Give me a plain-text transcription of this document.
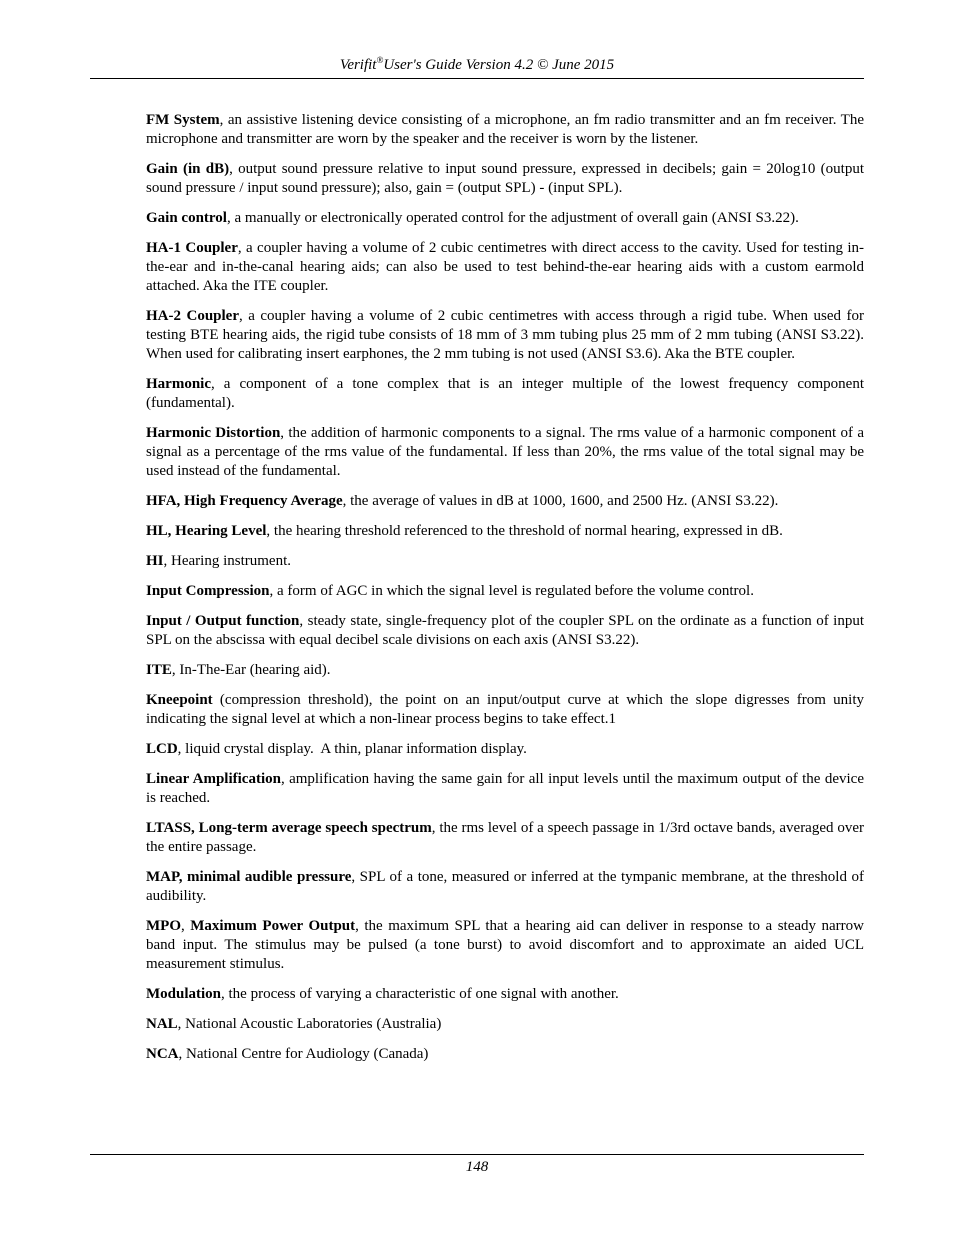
Verifit®User's Guide Version 4.2 © June 2015

FM System, an assistive listening device consisting of a microphone, an fm radio transmitter and an fm receiver. The microphone and transmitter are worn by the speaker and the receiver is worn by the listener.

Gain (in dB), output sound pressure relative to input sound pressure, expressed in decibels; gain = 20log10 (output sound pressure / input sound pressure); also, gain = (output SPL) - (input SPL).

Gain control, a manually or electronically operated control for the adjustment of overall gain (ANSI S3.22).

HA-1 Coupler, a coupler having a volume of 2 cubic centimetres with direct access to the cavity. Used for testing in-the-ear and in-the-canal hearing aids; can also be used to test behind-the-ear hearing aids with a custom earmold attached. Aka the ITE coupler.

HA-2 Coupler, a coupler having a volume of 2 cubic centimetres with access through a rigid tube. When used for testing BTE hearing aids, the rigid tube consists of 18 mm of 3 mm tubing plus 25 mm of 2 mm tubing (ANSI S3.22). When used for calibrating insert earphones, the 2 mm tubing is not used (ANSI S3.6). Aka the BTE coupler.

Harmonic, a component of a tone complex that is an integer multiple of the lowest frequency component (fundamental).

Harmonic Distortion, the addition of harmonic components to a signal. The rms value of a harmonic component of a signal as a percentage of the rms value of the fundamental. If less than 20%, the rms value of the total signal may be used instead of the fundamental.

HFA, High Frequency Average, the average of values in dB at 1000, 1600, and 2500 Hz. (ANSI S3.22).

HL, Hearing Level, the hearing threshold referenced to the threshold of normal hearing, expressed in dB.

HI, Hearing instrument.

Input Compression, a form of AGC in which the signal level is regulated before the volume control.

Input / Output function, steady state, single-frequency plot of the coupler SPL on the ordinate as a function of input SPL on the abscissa with equal decibel scale divisions on each axis (ANSI S3.22).

ITE, In-The-Ear (hearing aid).

Kneepoint (compression threshold), the point on an input/output curve at which the slope digresses from unity indicating the signal level at which a non-linear process begins to take effect.1

LCD, liquid crystal display.  A thin, planar information display.

Linear Amplification, amplification having the same gain for all input levels until the maximum output of the device is reached.

LTASS, Long-term average speech spectrum, the rms level of a speech passage in 1/3rd octave bands, averaged over the entire passage.

MAP, minimal audible pressure, SPL of a tone, measured or inferred at the tympanic membrane, at the threshold of audibility.

MPO, Maximum Power Output, the maximum SPL that a hearing aid can deliver in response to a steady narrow band input. The stimulus may be pulsed (a tone burst) to avoid discomfort and to approximate an aided UCL measurement stimulus.

Modulation, the process of varying a characteristic of one signal with another.

NAL, National Acoustic Laboratories (Australia)

NCA, National Centre for Audiology (Canada)

148
